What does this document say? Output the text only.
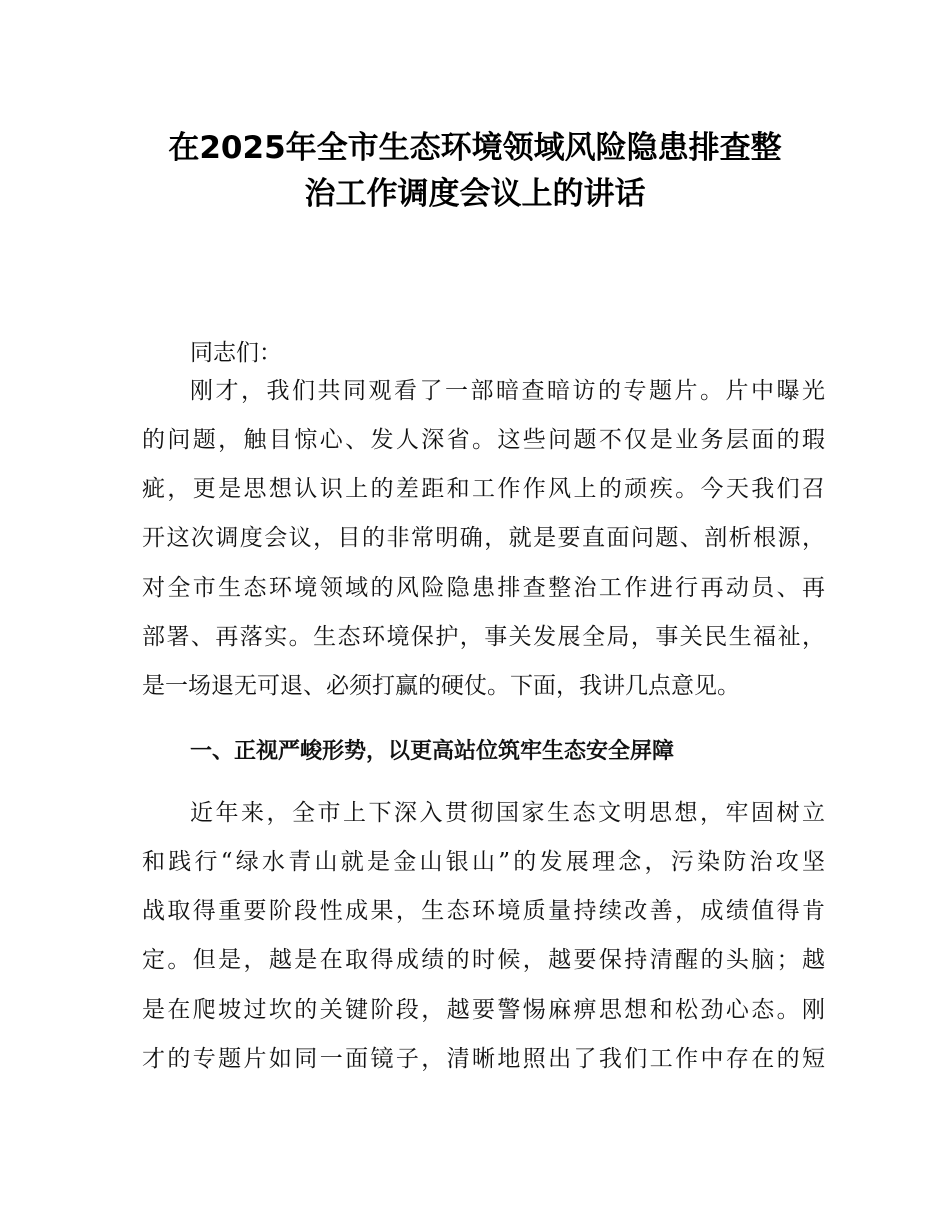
在2025年全市生态环境领域风险隐患排查整
治工作调度会议上的讲话
同志们：
刚才，我们共同观看了一部暗查暗访的专题片。片中曝光
的问题，触目惊心、发人深省。这些问题不仅是业务层面的瑕
疵，更是思想认识上的差距和工作作风上的顽疾。今天我们召
开这次调度会议，目的非常明确，就是要直面问题、剖析根源，
对全市生态环境领域的风险隐患排查整治工作进行再动员、再
部署、再落实。生态环境保护，事关发展全局，事关民生福祉，
是一场退无可退、必须打赢的硬仗。下面，我讲几点意见。
一、正视严峻形势，以更高站位筑牢生态安全屏障
近年来，全市上下深入贯彻国家生态文明思想，牢固树立
和践行“绿水青山就是金山银山”的发展理念，污染防治攻坚
战取得重要阶段性成果，生态环境质量持续改善，成绩值得肯
定。但是，越是在取得成绩的时候，越要保持清醒的头脑；越
是在爬坡过坎的关键阶段，越要警惕麻痹思想和松劲心态。刚
才的专题片如同一面镜子，清晰地照出了我们工作中存在的短
